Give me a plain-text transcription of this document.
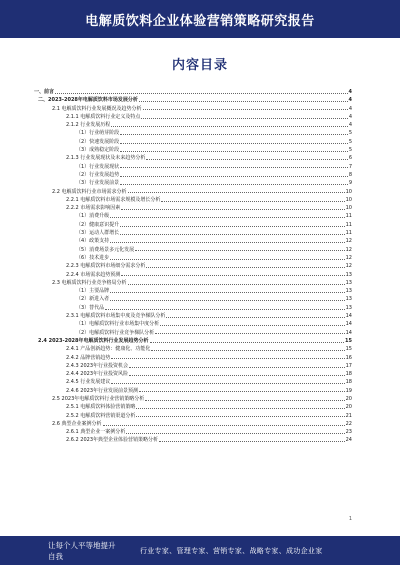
电解质饮料企业体验营销策略研究报告
内容目录
一、前言	4
二、2023-2028年电解质饮料市场发展分析	4
2.1 电解质饮料行业发展概况及趋势分析	4
2.1.1 电解质饮料行业定义及特点	4
2.1.2 行业发展历程	4
（1）行业萌芽阶段	5
（2）快速发展阶段	5
（3）成熟稳定阶段	5
2.1.3 行业发展现状及未来趋势分析	6
（1）行业发展现状	7
（2）行业发展趋势	8
（3）行业发展前景	9
2.2 电解质饮料行业市场需求分析	10
2.2.1 电解质饮料市场需求规模及增长分析	10
2.2.2 市场需求影响因素	10
（1）消费升级	11
（2）健康意识提升	11
（3）运动人群增长	11
（4）政策支持	12
（5）消费场景多元化发展	12
（6）技术进步	12
2.2.3 电解质饮料市场细分需求分析	12
2.2.4 市场需求趋势预测	13
2.3 电解质饮料行业竞争格局分析	13
（1）主要品牌	13
（2）新进入者	13
（3）替代品	13
2.3.1 电解质饮料市场集中度及竞争梯队分析	14
（1）电解质饮料行业市场集中度分析	14
（2）电解质饮料行业竞争梯队分析	14
2.4 2023-2028年电解质饮料行业发展趋势分析	15
2.4.1 产品创新趋势：健康化、功能化	15
2.4.2 品牌营销趋势	16
2.4.3 2023年行业投资机会	17
2.4.4 2023年行业投资风险	18
2.4.5 行业发展建议	18
2.4.6 2023年行业发展前景预测	19
2.5 2023年电解质饮料行业营销策略分析	20
2.5.1 电解质饮料体验营销策略	20
2.5.2 电解质饮料营销渠道分析	21
2.6 典型企业案例分析	22
2.6.1 典型企业一案例分析	23
2.6.2 2023年典型企业体验营销策略分析	24
1
让每个人平等地提升自我
行业专家、管理专家、营销专家、战略专家、成功企业家
